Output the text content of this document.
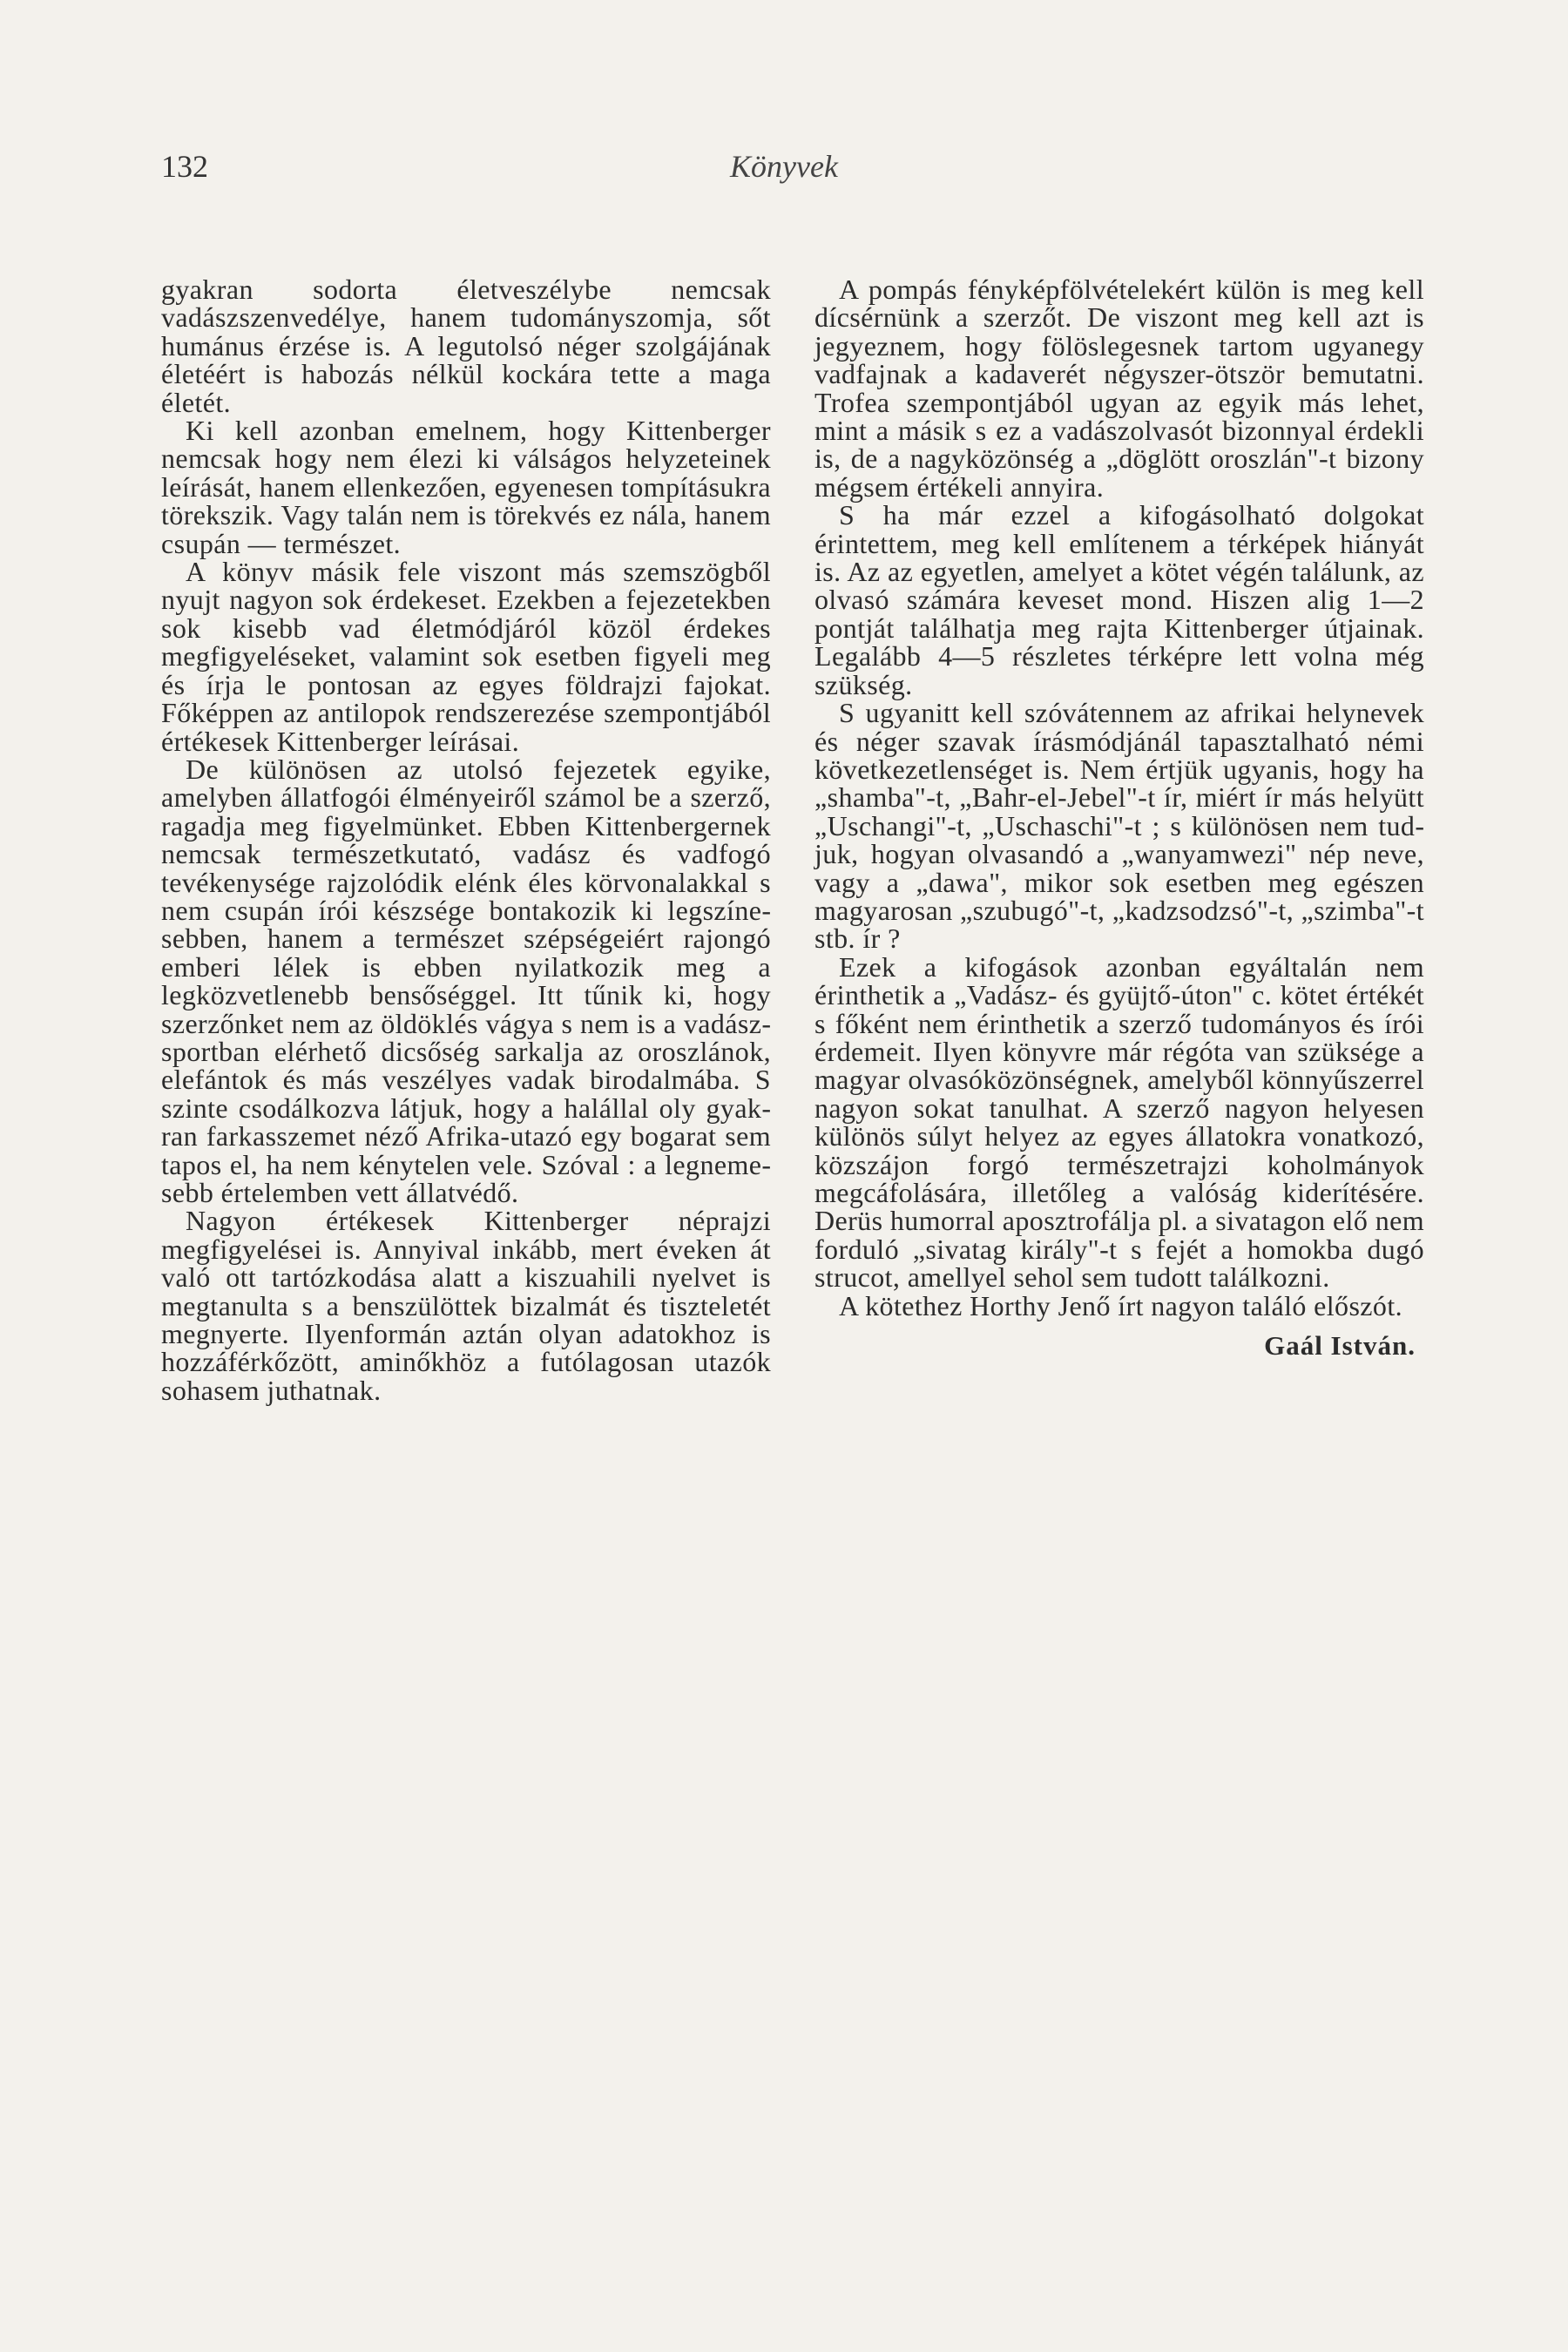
132	Könyvek

gyakran sodorta életveszélybe nemcsak vadászszenvedélye, hanem tudományszomja, sőt humánus érzése is. A legutolsó néger szolgájának életéért is habozás nélkül kockára tette a maga életét.

Ki kell azonban emelnem, hogy Kittenberger nemcsak hogy nem élezi ki válságos helyzeteinek leírását, hanem ellenkezően, egyenesen tompításukra törekszik. Vagy talán nem is törekvés ez nála, hanem csupán — természet.

A könyv másik fele viszont más szemszögből nyujt nagyon sok érdekeset. Ezekben a fejezetekben sok kisebb vad életmódjáról közöl érdekes megfigyeléseket, valamint sok esetben figyeli meg és írja le pontosan az egyes földrajzi fajokat. Főképpen az antilopok rendszerezése szempontjából értékesek Kittenberger leírásai.

De különösen az utolsó fejezetek egyike, amelyben állatfogói élményeiről számol be a szerző, ragadja meg figyelmünket. Ebben Kittenbergernek nemcsak természetkutató, vadász és vadfogó tevékenysége rajzolódik elénk éles körvonalakkal s nem csupán írói készsége bontakozik ki legszínesebben, hanem a természet szépségeiért rajongó emberi lélek is ebben nyilatkozik meg a legközvetlenebb bensőséggel. Itt tűnik ki, hogy szerzőnket nem az öldöklés vágya s nem is a vadászsportban elérhető dicsőség sarkalja az oroszlánok, elefántok és más veszélyes vadak birodalmába. S szinte csodálkozva látjuk, hogy a halállal oly gyakran farkasszemet néző Afrika-utazó egy bogarat sem tapos el, ha nem kénytelen vele. Szóval : a legnemesebb értelemben vett állatvédő.

Nagyon értékesek Kittenberger néprajzi megfigyelései is. Annyival inkább, mert éveken át való ott tartózkodása alatt a kiszuahili nyelvet is megtanulta s a benszülöttek bizalmát és tiszteletét megnyerte. Ilyenformán aztán olyan adatokhoz is hozzáférkőzött, aminőkhöz a futólagosan utazók sohasem juthatnak.

A pompás fényképfölvételekért külön is meg kell dícsérnünk a szerzőt. De viszont meg kell azt is jegyeznem, hogy fölöslegesnek tartom ugyanegy vadfajnak a kadaverét négyszer-ötször bemutatni. Trofea szempontjából ugyan az egyik más lehet, mint a másik s ez a vadászolvasót bizonnyal érdekli is, de a nagyközönség a „döglött oroszlán"-t bizony mégsem értékeli annyira.

S ha már ezzel a kifogásolható dolgokat érintettem, meg kell említenem a térképek hiányát is. Az az egyetlen, amelyet a kötet végén találunk, az olvasó számára keveset mond. Hiszen alig 1—2 pontját találhatja meg rajta Kittenberger útjainak. Legalább 4—5 részletes térképre lett volna még szükség.

S ugyanitt kell szóvátennem az afrikai helynevek és néger szavak írásmódjánál tapasztalható némi következetlenséget is. Nem értjük ugyanis, hogy ha „shamba"-t, „Bahr-el-Jebel"-t ír, miért ír más helyütt „Uschangi"-t, „Uschaschi"-t ; s különösen nem tudjuk, hogyan olvasandó a „wanyamwezi" nép neve, vagy a „dawa", mikor sok esetben meg egészen magyarosan „szubugó"-t, „kadzsodzsó"-t, „szimba"-t stb. ír ?

Ezek a kifogások azonban egyáltalán nem érinthetik a „Vadász- és gyüjtő-úton" c. kötet értékét s főként nem érinthetik a szerző tudományos és írói érdemeit. Ilyen könyvre már régóta van szüksége a magyar olvasóközönségnek, amelyből könnyűszerrel nagyon sokat tanulhat. A szerző nagyon helyesen különös súlyt helyez az egyes állatokra vonatkozó, közszájon forgó természetrajzi koholmányok megcáfolására, illetőleg a valóság kiderítésére. Derüs humorral aposztrofálja pl. a sivatagon elő nem forduló „sivatag király"-t s fejét a homokba dugó strucot, amellyel sehol sem tudott találkozni.

A kötethez Horthy Jenő írt nagyon találó előszót.

Gaál István.
